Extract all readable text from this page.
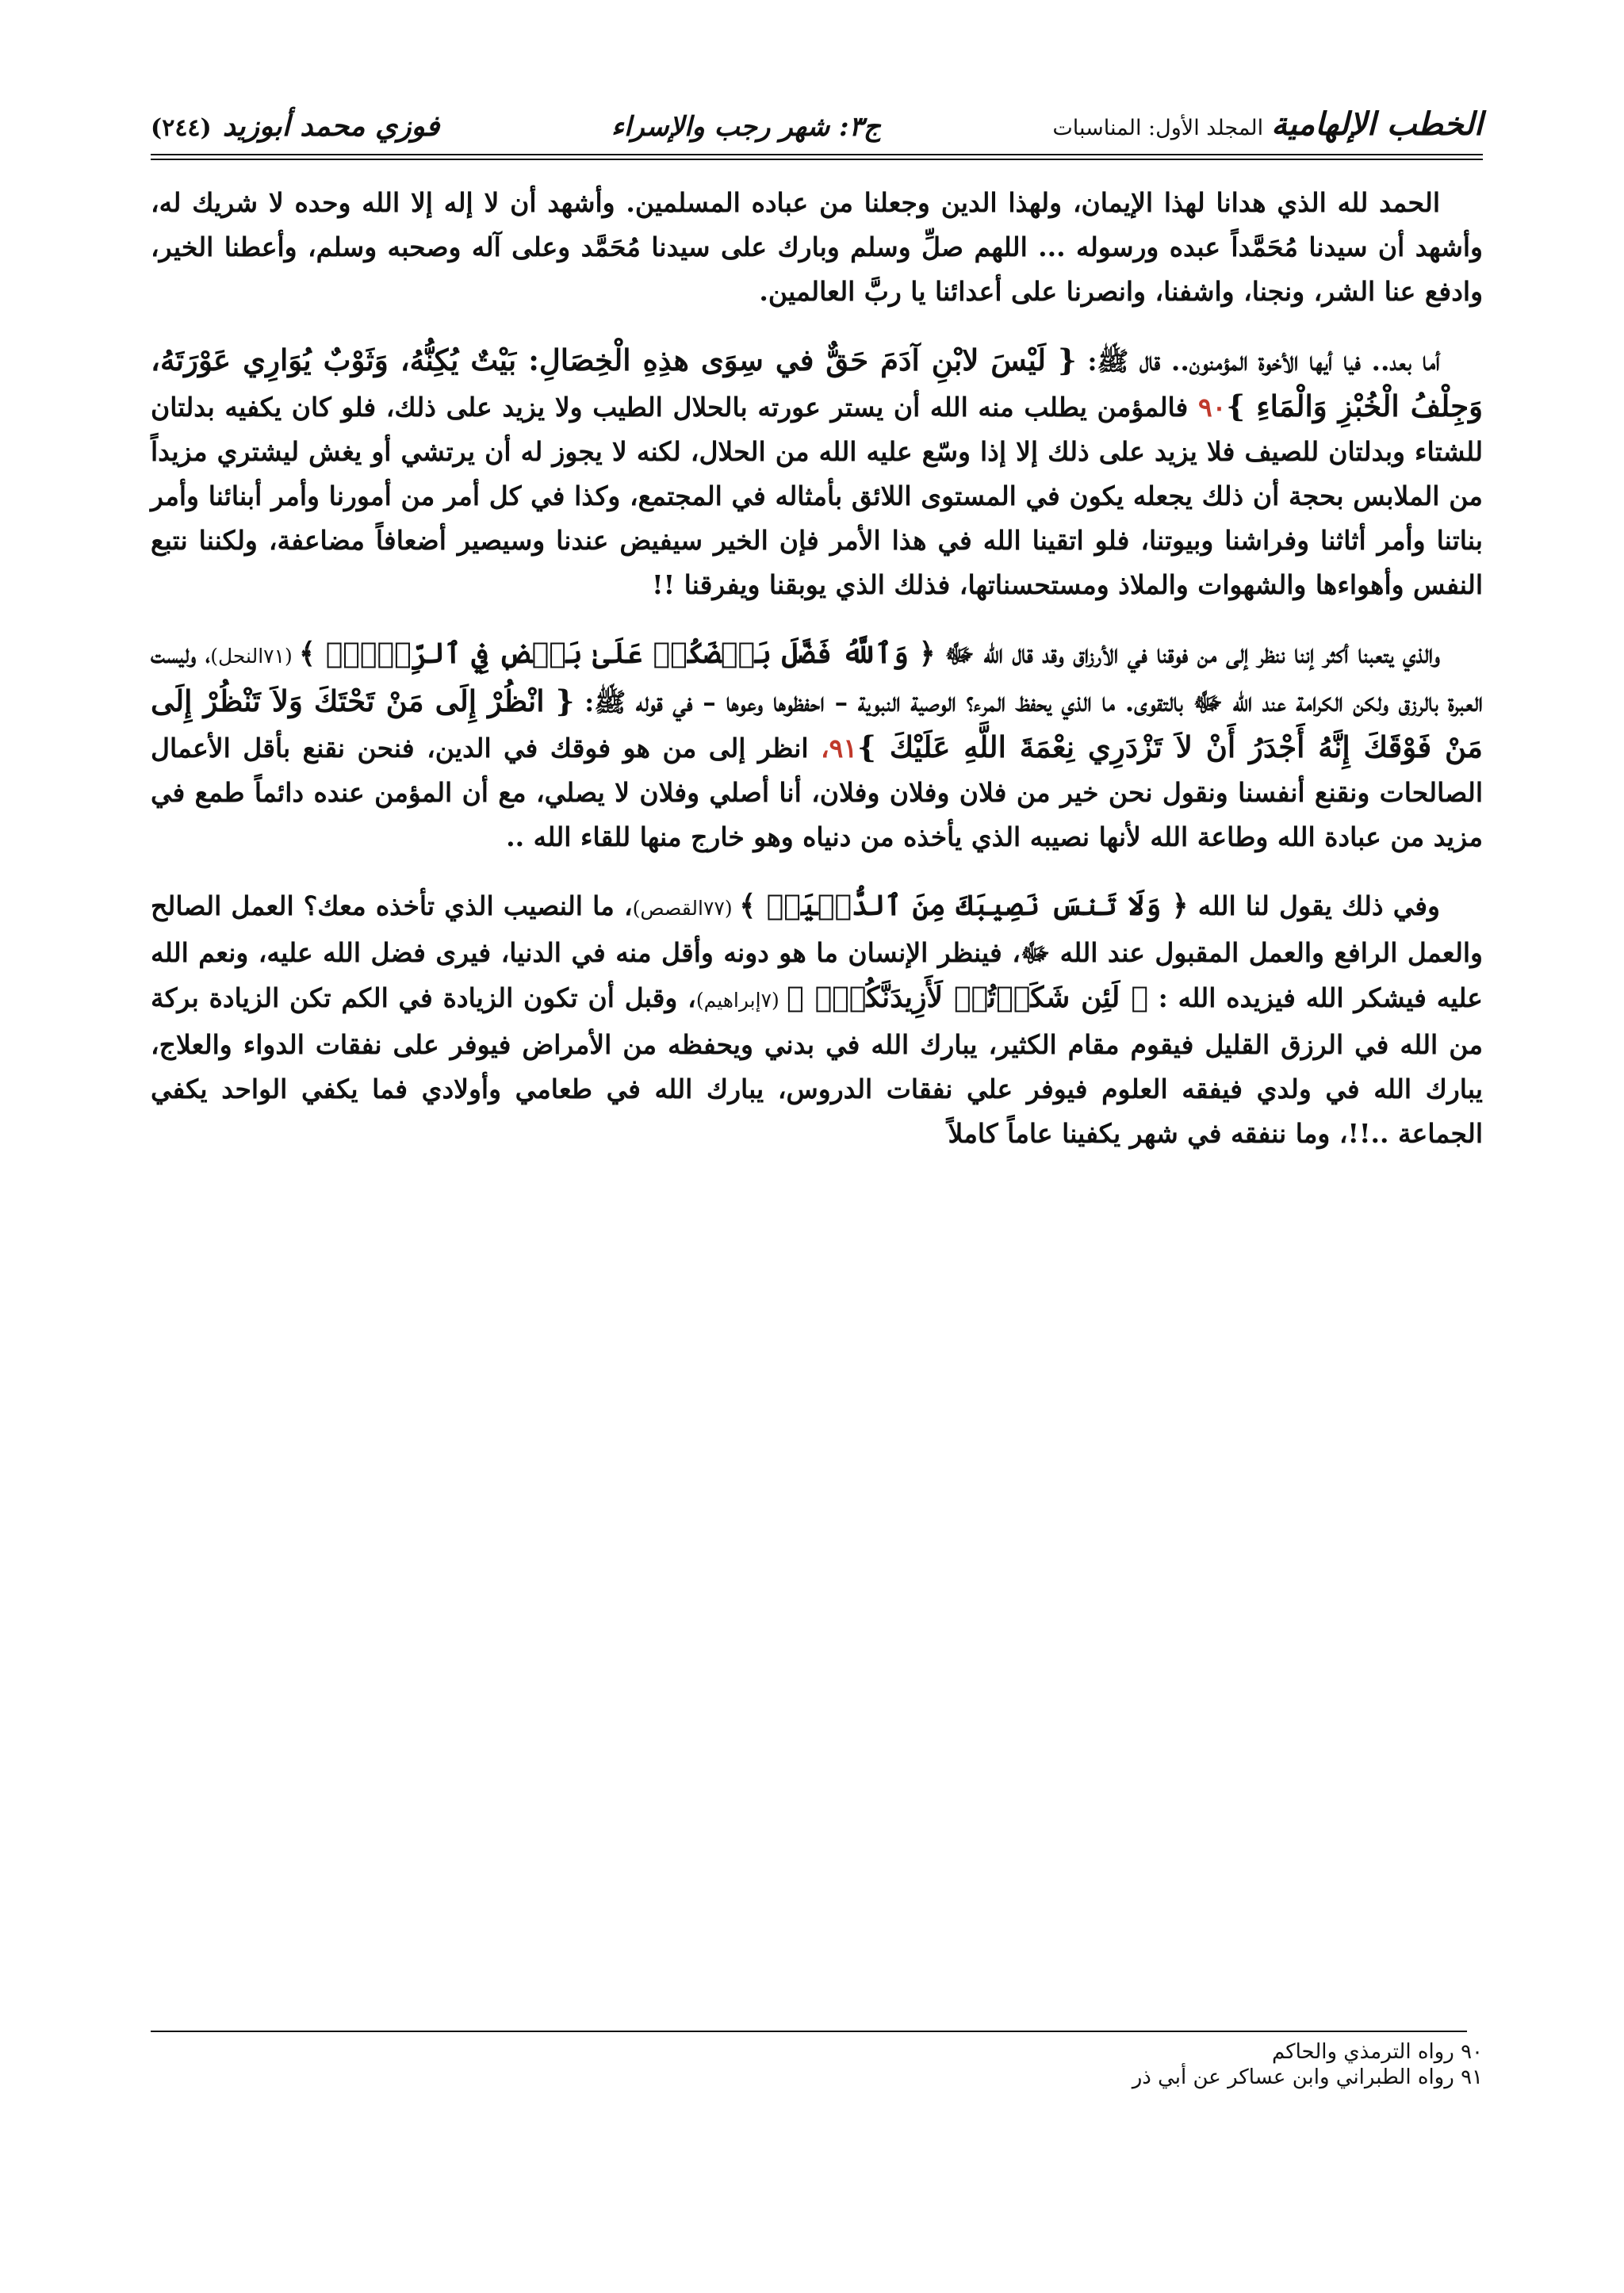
الخطب الإلهامية
المجلد الأول: المناسبات
ج٣: شهر رجب والإسراء
فوزي محمد أبوزيد
(٢٤٤)

الحمد لله الذي هدانا لهذا الإيمان، ولهذا الدين وجعلنا من عباده المسلمين. وأشهد أن لا إله إلا الله وحده لا شريك له، وأشهد أن سيدنا مُحَمَّداً عبده ورسوله ... اللهم صلِّ وسلم وبارك على سيدنا مُحَمَّد وعلى آله وصحبه وسلم، وأعطنا الخير، وادفع عنا الشر، ونجنا، واشفنا، وانصرنا على أعدائنا يا ربَّ العالمين.

أما بعد.. فيا أيها الأخوة المؤمنون.. قال ﷺ: { لَيْسَ لابْنِ آدَمَ حَقٌّ في سِوَى هذِهِ الْخِصَالِ: بَيْتٌ يُكِنُّهُ، وَثَوْبٌ يُوَارِي عَوْرَتَهُ، وَجِلْفُ الْخُبْزِ وَالْمَاءِ }٩٠ فالمؤمن يطلب منه الله أن يستر عورته بالحلال الطيب ولا يزيد على ذلك، فلو كان يكفيه بدلتان للشتاء وبدلتان للصيف فلا يزيد على ذلك إلا إذا وسّع عليه الله من الحلال، لكنه لا يجوز له أن يرتشي أو يغش ليشتري مزيداً من الملابس بحجة أن ذلك يجعله يكون في المستوى اللائق بأمثاله في المجتمع، وكذا في كل أمر من أمورنا وأمر أبنائنا وأمر بناتنا وأمر أثاثنا وفراشنا وبيوتنا، فلو اتقينا الله في هذا الأمر فإن الخير سيفيض عندنا وسيصير أضعافاً مضاعفة، ولكننا نتبع النفس وأهواءها والشهوات والملاذ ومستحسناتها، فذلك الذي يوبقنا ويفرقنا !!

والذي يتعبنا أكثر إننا ننظر إلى من فوقنا في الأرزاق وقد قال الله ﷻ ﴿ وَٱللَّهُ فَضَّلَ بَعۡضَكُمۡ عَلَىٰ بَعۡضٖ فِي ٱلرِّزۡقِۚ ﴾ (٧١النحل)، وليست العبرة بالرزق ولكن الكرامة عند الله ﷻ بالتقوى. ما الذي يحفظ المرء؟ الوصية النبوية – احفظوها وعوها – في قوله ﷺ: { انْظُرْ إِلَى مَنْ تَحْتَكَ وَلاَ تَنْظُرْ إِلَى مَنْ فَوْقَكَ إِنَّهُ أَجْدَرُ أَنْ لاَ تَزْدَرِي نِعْمَةَ اللَّهِ عَلَيْكَ }٩١، انظر إلى من هو فوقك في الدين، فنحن نقنع بأقل الأعمال الصالحات ونقنع أنفسنا ونقول نحن خير من فلان وفلان وفلان، أنا أصلي وفلان لا يصلي، مع أن المؤمن عنده دائماً طمع في مزيد من عبادة الله وطاعة الله لأنها نصيبه الذي يأخذه من دنياه وهو خارج منها للقاء الله ..

وفي ذلك يقول لنا الله ﴿ وَلَا تَنسَ نَصِيبَكَ مِنَ ٱلدُّنۡيَاۖ ﴾ (٧٧القصص)، ما النصيب الذي تأخذه معك؟ العمل الصالح والعمل الرافع والعمل المقبول عند الله ﷻ، فينظر الإنسان ما هو دونه وأقل منه في الدنيا، فيرى فضل الله عليه، ونعم الله عليه فيشكر الله فيزيده الله : ﴿ لَئِن شَكَرۡتُمۡ لَأَزِيدَنَّكُمۡۖ ﴾ (٧إبراهيم)، وقبل أن تكون الزيادة في الكم تكن الزيادة بركة من الله في الرزق القليل فيقوم مقام الكثير، يبارك الله في بدني ويحفظه من الأمراض فيوفر على نفقات الدواء والعلاج، يبارك الله في ولدي فيفقه العلوم فيوفر علي نفقات الدروس، يبارك الله في طعامي وأولادي فما يكفي الواحد يكفي الجماعة ..!!، وما ننفقه في شهر يكفينا عاماً كاملاً

٩٠ رواه الترمذي والحاكم
٩١ رواه الطبراني وابن عساكر عن أبي ذر
